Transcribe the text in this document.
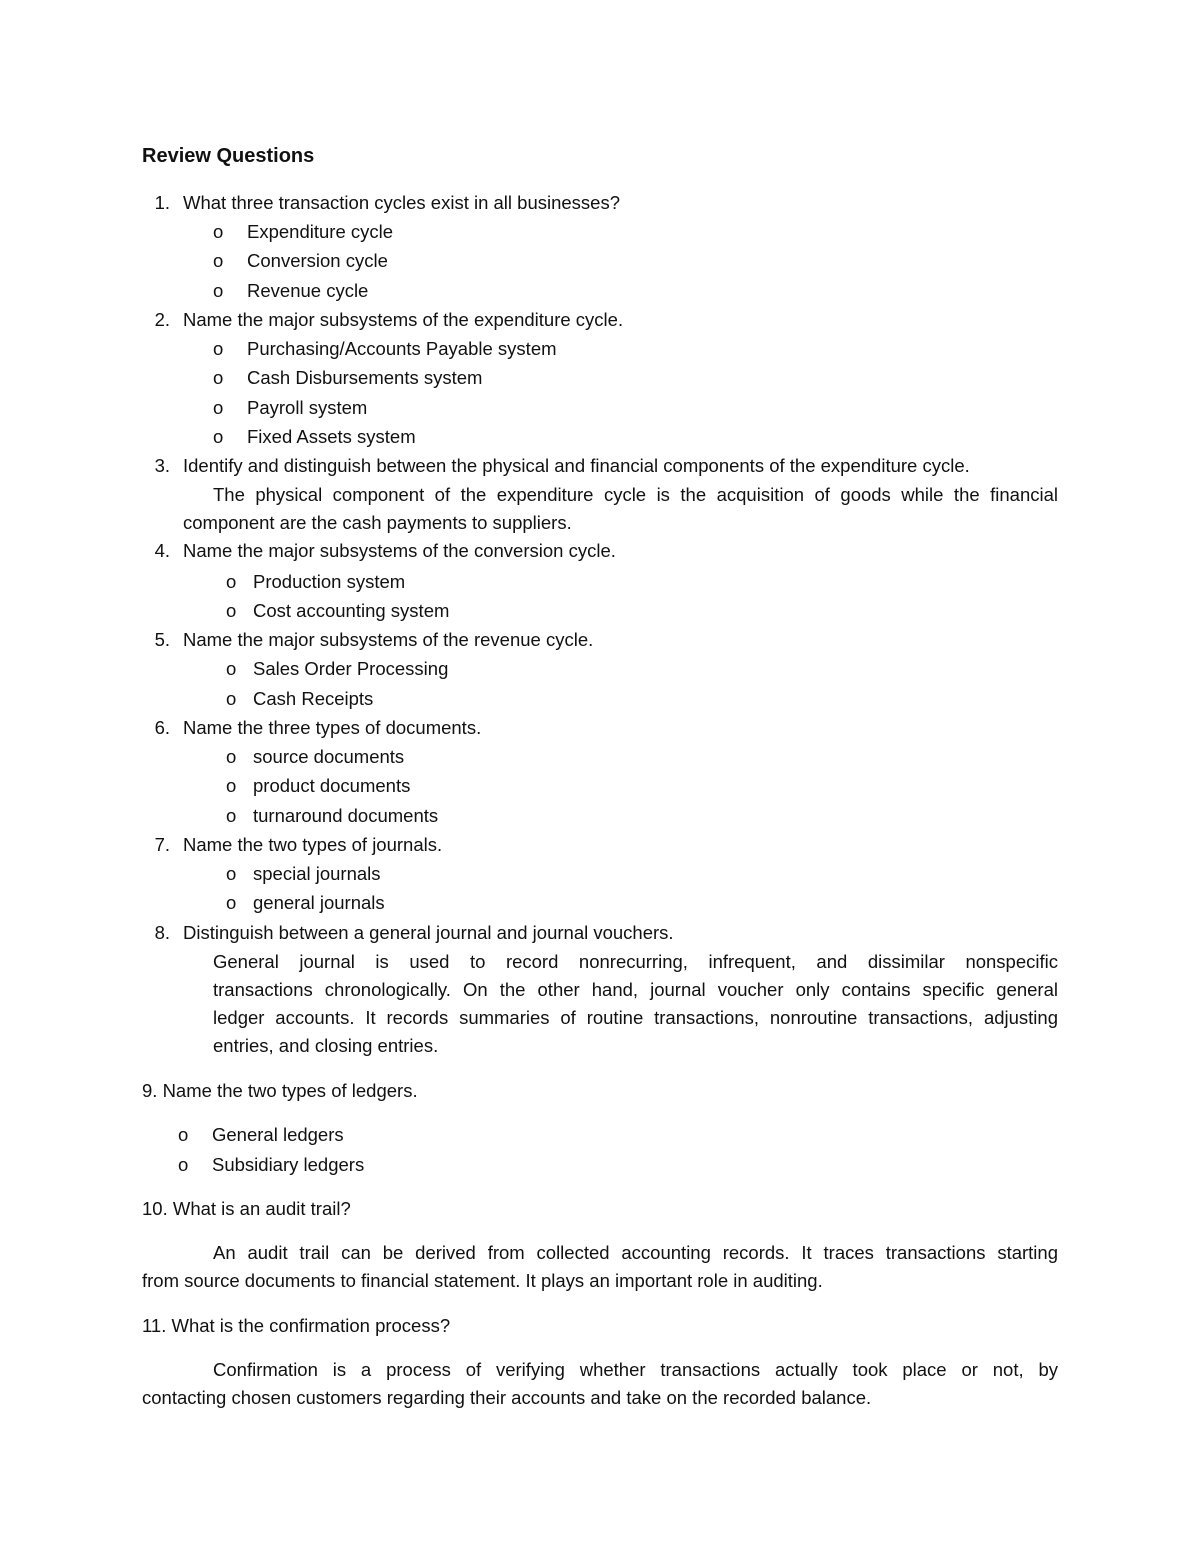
Review Questions
1. What three transaction cycles exist in all businesses?
o Expenditure cycle
o Conversion cycle
o Revenue cycle
2. Name the major subsystems of the expenditure cycle.
o Purchasing/Accounts Payable system
o Cash Disbursements system
o Payroll system
o Fixed Assets system
3. Identify and distinguish between the physical and financial components of the expenditure cycle.
The physical component of the expenditure cycle is the acquisition of goods while the financial
component are the cash payments to suppliers.
4. Name the major subsystems of the conversion cycle.
o Production system
o Cost accounting system
5. Name the major subsystems of the revenue cycle.
o Sales Order Processing
o Cash Receipts
6. Name the three types of documents.
o source documents
o product documents
o turnaround documents
7. Name the two types of journals.
o special journals
o general journals
8. Distinguish between a general journal and journal vouchers.
General journal is used to record nonrecurring, infrequent, and dissimilar nonspecific
transactions chronologically. On the other hand, journal voucher only contains specific general
ledger accounts. It records summaries of routine transactions, nonroutine transactions, adjusting
entries, and closing entries.
9. Name the two types of ledgers.
o General ledgers
o Subsidiary ledgers
10. What is an audit trail?
An audit trail can be derived from collected accounting records. It traces transactions starting
from source documents to financial statement. It plays an important role in auditing.
11. What is the confirmation process?
Confirmation is a process of verifying whether transactions actually took place or not, by
contacting chosen customers regarding their accounts and take on the recorded balance.
